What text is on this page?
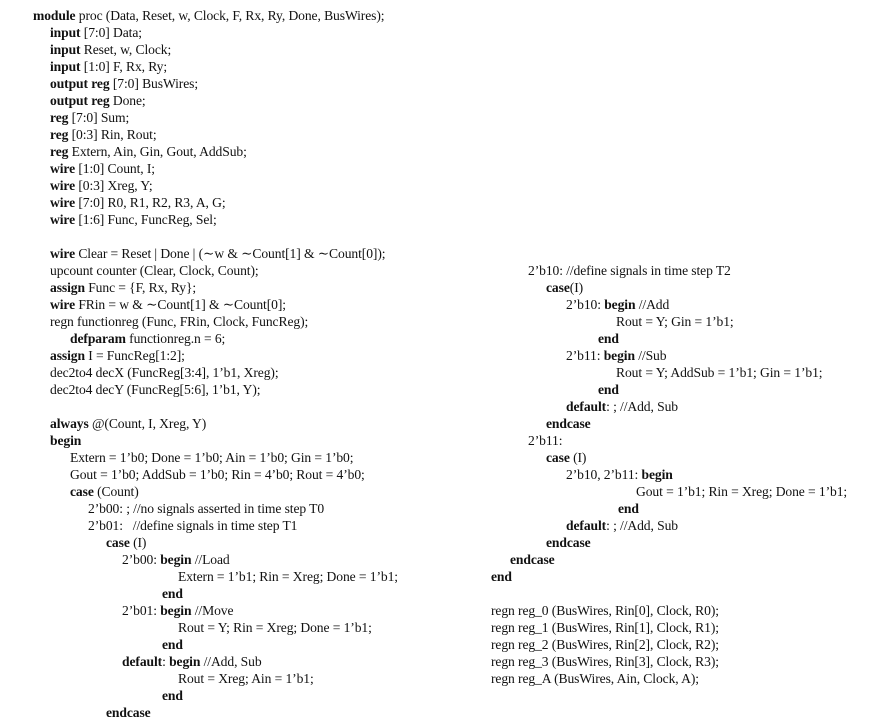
module proc (Data, Reset, w, Clock, F, Rx, Ry, Done, BusWires);
input [7:0] Data;
input Reset, w, Clock;
input [1:0] F, Rx, Ry;
output reg [7:0] BusWires;
output reg Done;
reg [7:0] Sum;
reg [0:3] Rin, Rout;
reg Extern, Ain, Gin, Gout, AddSub;
wire [1:0] Count, I;
wire [0:3] Xreg, Y;
wire [7:0] R0, R1, R2, R3, A, G;
wire [1:6] Func, FuncReg, Sel;
wire Clear = Reset | Done | (∼w & ∼Count[1] & ∼Count[0]);
upcount counter (Clear, Clock, Count);
assign Func = {F, Rx, Ry};
wire FRin = w & ∼Count[1] & ∼Count[0];
regn functionreg (Func, FRin, Clock, FuncReg);
defparam functionreg.n = 6;
assign I = FuncReg[1:2];
dec2to4 decX (FuncReg[3:4], 1’b1, Xreg);
dec2to4 decY (FuncReg[5:6], 1’b1, Y);
always @(Count, I, Xreg, Y)
begin
Extern = 1’b0; Done = 1’b0; Ain = 1’b0; Gin = 1’b0;
Gout = 1’b0; AddSub = 1’b0; Rin = 4’b0; Rout = 4’b0;
case (Count)
2’b00: ; //no signals asserted in time step T0
2’b01:   //define signals in time step T1
case (I)
2’b00: begin //Load
Extern = 1’b1; Rin = Xreg; Done = 1’b1;
end
2’b01: begin //Move
Rout = Y; Rin = Xreg; Done = 1’b1;
end
default: begin //Add, Sub
Rout = Xreg; Ain = 1’b1;
end
endcase
2’b10: //define signals in time step T2
case(I)
2’b10: begin //Add
Rout = Y; Gin = 1’b1;
end
2’b11: begin //Sub
Rout = Y; AddSub = 1’b1; Gin = 1’b1;
end
default: ; //Add, Sub
endcase
2’b11:
case (I)
2’b10, 2’b11: begin
Gout = 1’b1; Rin = Xreg; Done = 1’b1;
end
default: ; //Add, Sub
endcase
endcase
end
regn reg_0 (BusWires, Rin[0], Clock, R0);
regn reg_1 (BusWires, Rin[1], Clock, R1);
regn reg_2 (BusWires, Rin[2], Clock, R2);
regn reg_3 (BusWires, Rin[3], Clock, R3);
regn reg_A (BusWires, Ain, Clock, A);
